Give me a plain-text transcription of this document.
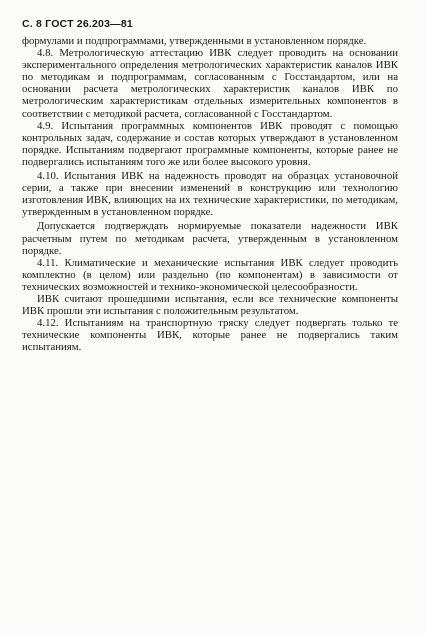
С. 8 ГОСТ 26.203—81

формулами и подпрограммами, утвержденными в установленном порядке.

4.8. Метрологическую аттестацию ИВК следует проводить на основании экспериментального определения метрологических характеристик каналов ИВК по методикам и подпрограммам, согласованным с Госстандартом, или на основании расчета метрологических характеристик каналов ИВК по метрологическим характеристикам отдельных измерительных компонентов в соответствии с методикой расчета, согласованной с Госстандартом.

4.9. Испытания программных компонентов ИВК проводят с помощью контрольных задач, содержание и состав которых утверждают в установленном порядке. Испытаниям подвергают программные компоненты, которые ранее не подвергались испытаниям того же или более высокого уровня.

4.10. Испытания ИВК на надежность проводят на образцах установочной серии, а также при внесении изменений в конструкцию или технологию изготовления ИВК, влияющих на их технические характеристики, по методикам, утвержденным в установленном порядке.

Допускается подтверждать нормируемые показатели надежности ИВК расчетным путем по методикам расчета, утвержденным в установленном порядке.

4.11. Климатические и механические испытания ИВК следует проводить комплектно (в целом) или раздельно (по компонентам) в зависимости от технических возможностей и технико-экономической целесообразности.

ИВК считают прошедшими испытания, если все технические компоненты ИВК прошли эти испытания с положительным результатом.

4.12. Испытаниям на транспортную тряску следует подвергать только те технические компоненты ИВК, которые ранее не подвергались таким испытаниям.
